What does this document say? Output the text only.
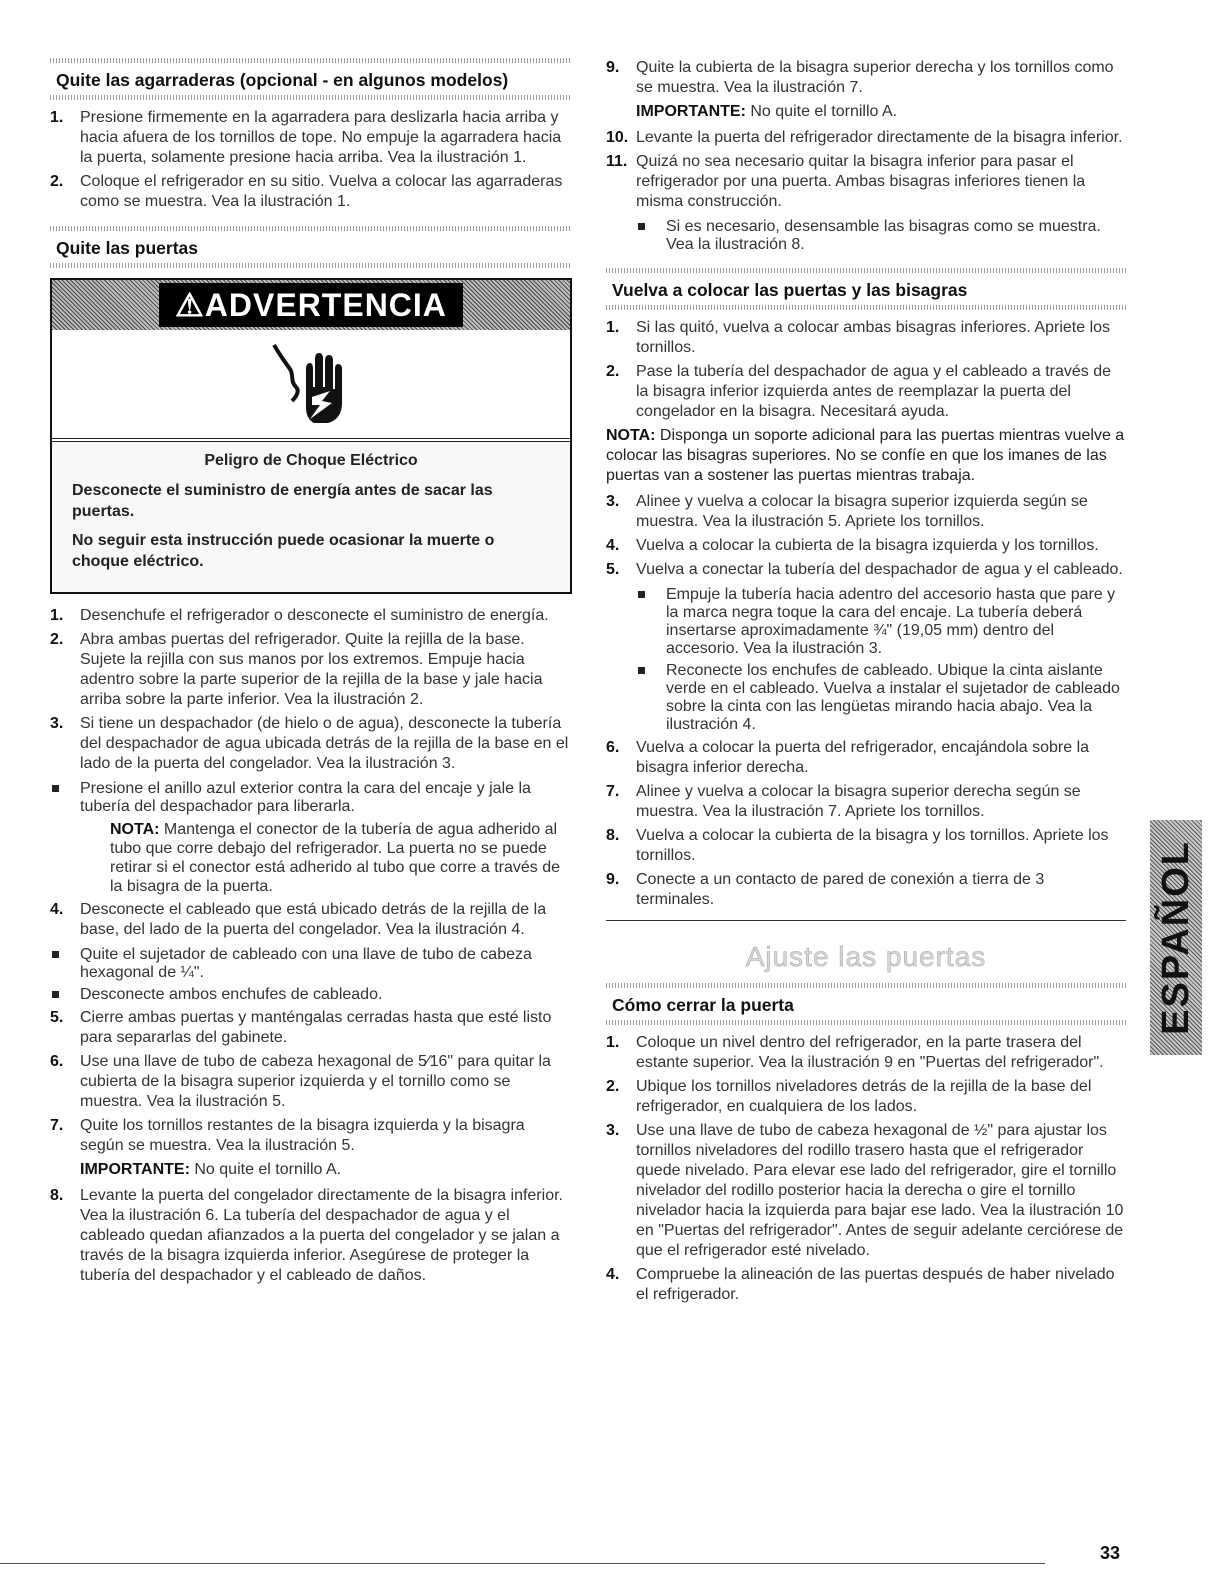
Quite las agarraderas (opcional - en algunos modelos)
1. Presione firmemente en la agarradera para deslizarla hacia arriba y hacia afuera de los tornillos de tope. No empuje la agarradera hacia la puerta, solamente presione hacia arriba. Vea la ilustración 1.
2. Coloque el refrigerador en su sitio. Vuelva a colocar las agarraderas como se muestra. Vea la ilustración 1.
Quite las puertas
⚠ADVERTENCIA
Peligro de Choque Eléctrico

Desconecte el suministro de energía antes de sacar las puertas.

No seguir esta instrucción puede ocasionar la muerte o choque eléctrico.

1. Desenchufe el refrigerador o desconecte el suministro de energía.
2. Abra ambas puertas del refrigerador. Quite la rejilla de la base. Sujete la rejilla con sus manos por los extremos. Empuje hacia adentro sobre la parte superior de la rejilla de la base y jale hacia arriba sobre la parte inferior. Vea la ilustración 2.
3. Si tiene un despachador (de hielo o de agua), desconecte la tubería del despachador de agua ubicada detrás de la rejilla de la base en el lado de la puerta del congelador. Vea la ilustración 3.
Presione el anillo azul exterior contra la cara del encaje y jale la tubería del despachador para liberarla.
NOTA: Mantenga el conector de la tubería de agua adherido al tubo que corre debajo del refrigerador. La puerta no se puede retirar si el conector está adherido al tubo que corre a través de la bisagra de la puerta.
4. Desconecte el cableado que está ubicado detrás de la rejilla de la base, del lado de la puerta del congelador. Vea la ilustración 4.
Quite el sujetador de cableado con una llave de tubo de cabeza hexagonal de ¼".
Desconecte ambos enchufes de cableado.
5. Cierre ambas puertas y manténgalas cerradas hasta que esté listo para separarlas del gabinete.
6. Use una llave de tubo de cabeza hexagonal de 5⁄16" para quitar la cubierta de la bisagra superior izquierda y el tornillo como se muestra. Vea la ilustración 5.
7. Quite los tornillos restantes de la bisagra izquierda y la bisagra según se muestra. Vea la ilustración 5.
IMPORTANTE: No quite el tornillo A.
8. Levante la puerta del congelador directamente de la bisagra inferior. Vea la ilustración 6. La tubería del despachador de agua y el cableado quedan afianzados a la puerta del congelador y se jalan a través de la bisagra izquierda inferior. Asegúrese de proteger la tubería del despachador y el cableado de daños.
9. Quite la cubierta de la bisagra superior derecha y los tornillos como se muestra. Vea la ilustración 7.
IMPORTANTE: No quite el tornillo A.
10. Levante la puerta del refrigerador directamente de la bisagra inferior.
11. Quizá no sea necesario quitar la bisagra inferior para pasar el refrigerador por una puerta. Ambas bisagras inferiores tienen la misma construcción.
Si es necesario, desensamble las bisagras como se muestra. Vea la ilustración 8.
Vuelva a colocar las puertas y las bisagras
1. Si las quitó, vuelva a colocar ambas bisagras inferiores. Apriete los tornillos.
2. Pase la tubería del despachador de agua y el cableado a través de la bisagra inferior izquierda antes de reemplazar la puerta del congelador en la bisagra. Necesitará ayuda.
NOTA: Disponga un soporte adicional para las puertas mientras vuelve a colocar las bisagras superiores. No se confíe en que los imanes de las puertas van a sostener las puertas mientras trabaja.
3. Alinee y vuelva a colocar la bisagra superior izquierda según se muestra. Vea la ilustración 5. Apriete los tornillos.
4. Vuelva a colocar la cubierta de la bisagra izquierda y los tornillos.
5. Vuelva a conectar la tubería del despachador de agua y el cableado.
Empuje la tubería hacia adentro del accesorio hasta que pare y la marca negra toque la cara del encaje. La tubería deberá insertarse aproximadamente ¾" (19,05 mm) dentro del accesorio. Vea la ilustración 3.
Reconecte los enchufes de cableado. Ubique la cinta aislante verde en el cableado. Vuelva a instalar el sujetador de cableado sobre la cinta con las lengüetas mirando hacia abajo. Vea la ilustración 4.
6. Vuelva a colocar la puerta del refrigerador, encajándola sobre la bisagra inferior derecha.
7. Alinee y vuelva a colocar la bisagra superior derecha según se muestra. Vea la ilustración 7. Apriete los tornillos.
8. Vuelva a colocar la cubierta de la bisagra y los tornillos. Apriete los tornillos.
9. Conecte a un contacto de pared de conexión a tierra de 3 terminales.
Ajuste las puertas
Cómo cerrar la puerta
1. Coloque un nivel dentro del refrigerador, en la parte trasera del estante superior. Vea la ilustración 9 en "Puertas del refrigerador".
2. Ubique los tornillos niveladores detrás de la rejilla de la base del refrigerador, en cualquiera de los lados.
3. Use una llave de tubo de cabeza hexagonal de ½" para ajustar los tornillos niveladores del rodillo trasero hasta que el refrigerador quede nivelado. Para elevar ese lado del refrigerador, gire el tornillo nivelador del rodillo posterior hacia la derecha o gire el tornillo nivelador hacia la izquierda para bajar ese lado. Vea la ilustración 10 en "Puertas del refrigerador". Antes de seguir adelante cerciórese de que el refrigerador esté nivelado.
4. Compruebe la alineación de las puertas después de haber nivelado el refrigerador.
ESPAÑOL
33
